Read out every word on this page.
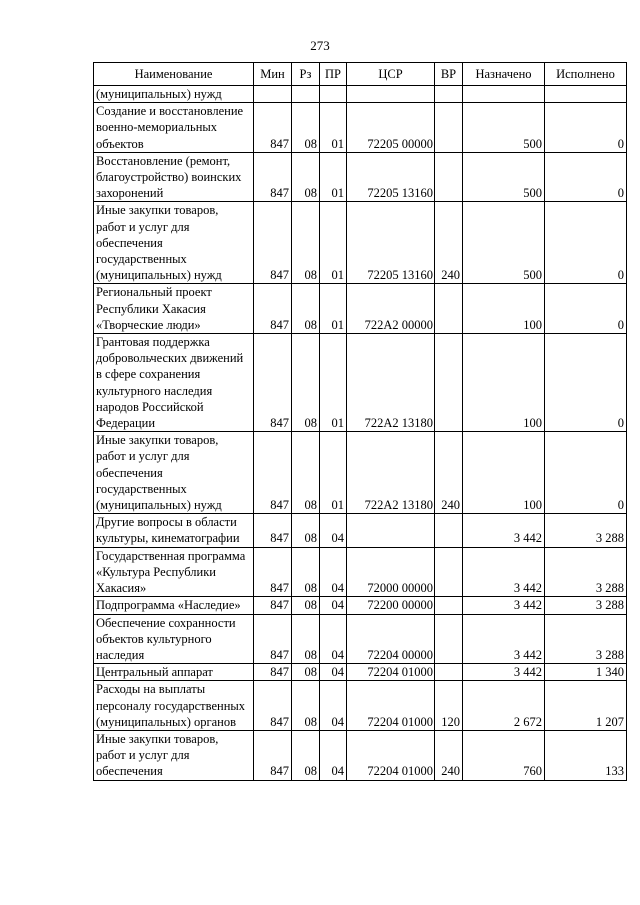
273
Наименование	Мин	Рз	ПР	ЦСР	ВР	Назначено	Исполнено
(муниципальных) нужд							
Создание и восстановление военно-мемориальных объектов	847	08	01	72205 00000		500	0
Восстановление (ремонт, благоустройство) воинских захоронений	847	08	01	72205 13160		500	0
Иные закупки товаров, работ и услуг для обеспечения государственных (муниципальных) нужд	847	08	01	72205 13160	240	500	0
Региональный проект Республики Хакасия «Творческие люди»	847	08	01	722A2 00000		100	0
Грантовая поддержка добровольческих движений в сфере сохранения культурного наследия народов Российской Федерации	847	08	01	722A2 13180		100	0
Иные закупки товаров, работ и услуг для обеспечения государственных (муниципальных) нужд	847	08	01	722A2 13180	240	100	0
Другие вопросы в области культуры, кинематографии	847	08	04			3 442	3 288
Государственная программа «Культура Республики Хакасия»	847	08	04	72000 00000		3 442	3 288
Подпрограмма «Наследие»	847	08	04	72200 00000		3 442	3 288
Обеспечение сохранности объектов культурного наследия	847	08	04	72204 00000		3 442	3 288
Центральный аппарат	847	08	04	72204 01000		3 442	1 340
Расходы на выплаты персоналу государственных (муниципальных) органов	847	08	04	72204 01000	120	2 672	1 207
Иные закупки товаров, работ и услуг для обеспечения	847	08	04	72204 01000	240	760	133
